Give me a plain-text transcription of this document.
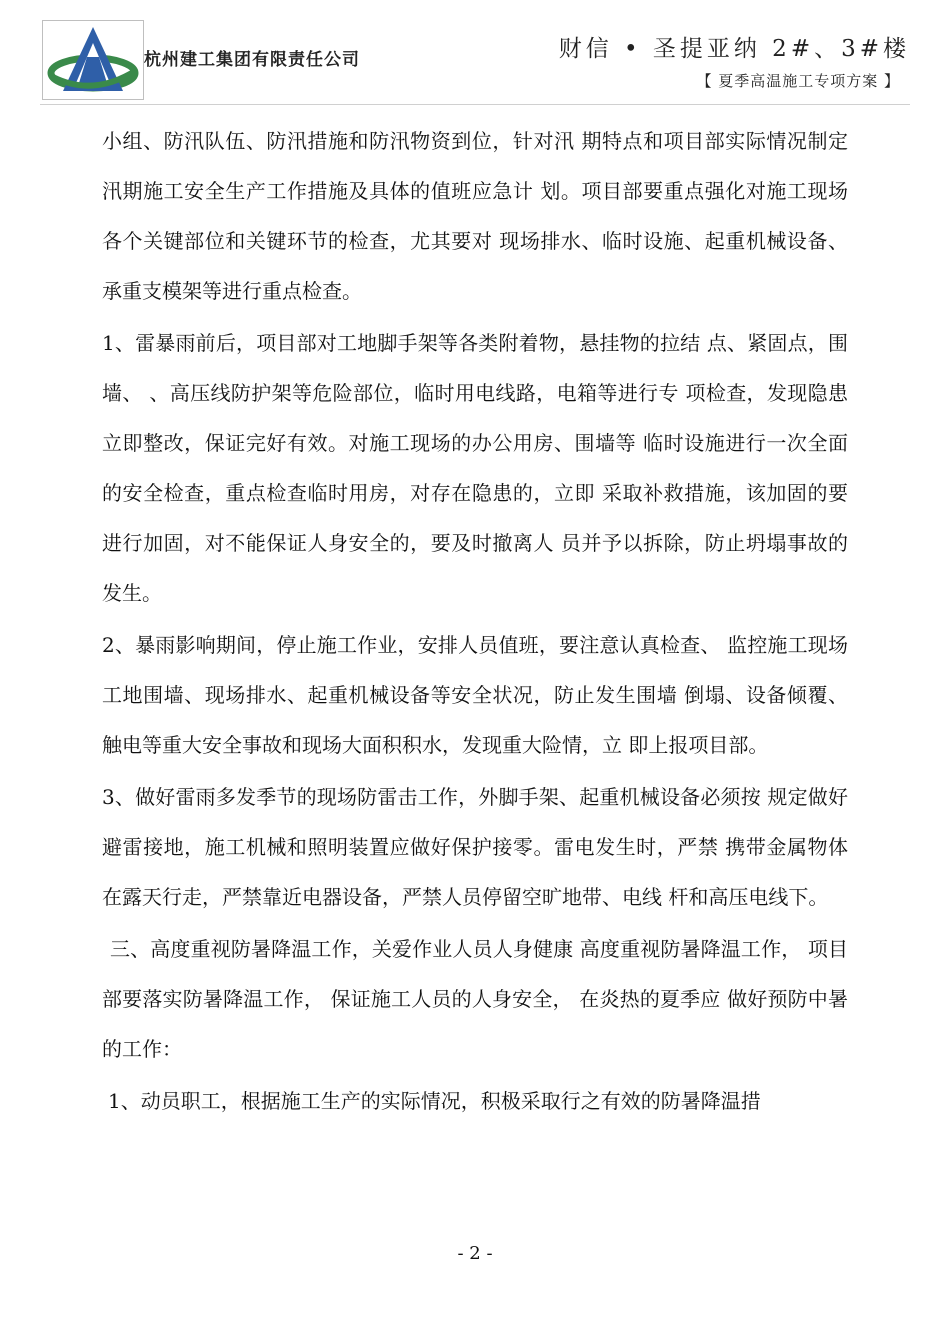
杭州建工集团有限责任公司	财信 • 圣提亚纳 2#、3#楼
【 夏季高温施工专项方案 】

小组、防汛队伍、防汛措施和防汛物资到位，针对汛 期特点和项目部实际情况制定汛期施工安全生产工作措施及具体的值班应急计 划。项目部要重点强化对施工现场各个关键部位和关键环节的检查，尤其要对 现场排水、临时设施、起重机械设备、承重支模架等进行重点检查。

1、雷暴雨前后，项目部对工地脚手架等各类附着物，悬挂物的拉结 点、紧固点，围墙、 、高压线防护架等危险部位，临时用电线路，电箱等进行专 项检查，发现隐患立即整改，保证完好有效。对施工现场的办公用房、围墙等 临时设施进行一次全面的安全检查，重点检查临时用房，对存在隐患的，立即 采取补救措施，该加固的要进行加固，对不能保证人身安全的，要及时撤离人 员并予以拆除，防止坍塌事故的发生。

2、暴雨影响期间，停止施工作业，安排人员值班，要注意认真检查、 监控施工现场工地围墙、现场排水、起重机械设备等安全状况，防止发生围墙 倒塌、设备倾覆、触电等重大安全事故和现场大面积积水，发现重大险情，立 即上报项目部。

3、做好雷雨多发季节的现场防雷击工作，外脚手架、起重机械设备必须按 规定做好避雷接地，施工机械和照明装置应做好保护接零。雷电发生时，严禁 携带金属物体在露天行走，严禁靠近电器设备，严禁人员停留空旷地带、电线 杆和高压电线下。

三、高度重视防暑降温工作，关爱作业人员人身健康 高度重视防暑降温工作， 项目部要落实防暑降温工作， 保证施工人员的人身安全， 在炎热的夏季应 做好预防中暑的工作：

1、动员职工，根据施工生产的实际情况，积极采取行之有效的防暑降温措

- 2 -
